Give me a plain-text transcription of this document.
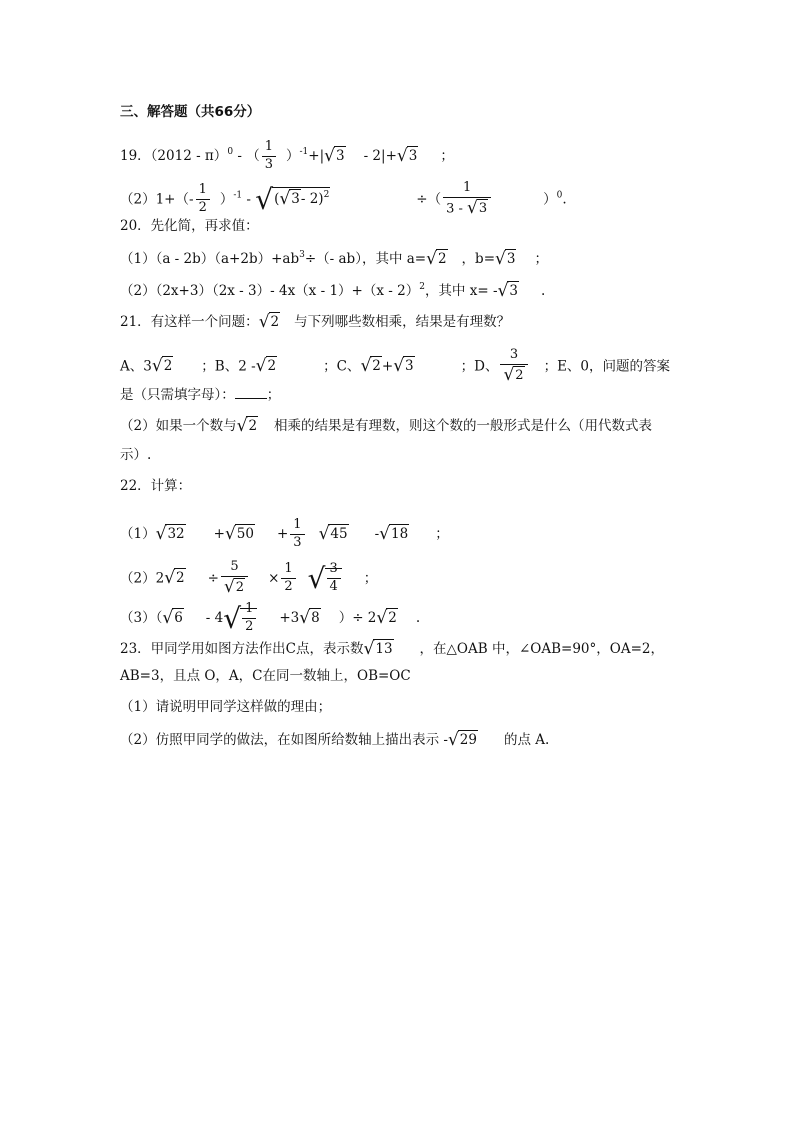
三、解答题（共66分）
19．（2012 - π）$^0$ - （ $\frac{1}{3} )^{-1}+|√3 - 2|+√3$ ；
$(2)1+(- \frac{1}{2} )^{-1} - √(√3-$ 2)$^2$	÷（ $\frac{1}{3 - √3}$	）$^0$.
20．先化简，再求值：
$(1)(a - 2b)(a+2b)+ab^3\div(-$ ab），其中 a=√2 ，b=√3 ；
（2）（2x+3）（2x - 3）- 4x（x - 1）+（x - 2）$^2$，其中 x= -√3 .
21．有这样一个问题：√2 与下列哪些数相乘，结果是有理数？
A、3√2 ；B、2 -√2	；C、√2+√3	；D、 $\frac{3}{√2}$ ；E、0，问题的答案
是（只需填字母）： ；
（2）如果一个数与√2 相乘的结果是有理数，则这个数的一般形式是什么（用代数式表
示）.
22．计算：
$(1)√32 +√50 + \frac{1}{3} √45$ -√18 ；
$(2)2√2 \div \frac{5}{√2} \times \frac{1}{2}$ √ $\frac{3}{4}$ ；
$(3)(√6 - 4√ \frac{1}{2} +3√8$ ）÷ 2√2 .
23．甲同学用如图方法作出C点，表示数√13 ，在△OAB 中，∠OAB=90°，OA=2，
AB=3，且点 O，A，C在同一数轴上，OB=OC
（1）请说明甲同学这样做的理由；
（2）仿照甲同学的做法，在如图所给数轴上描出表示 -√29 的点 A.
